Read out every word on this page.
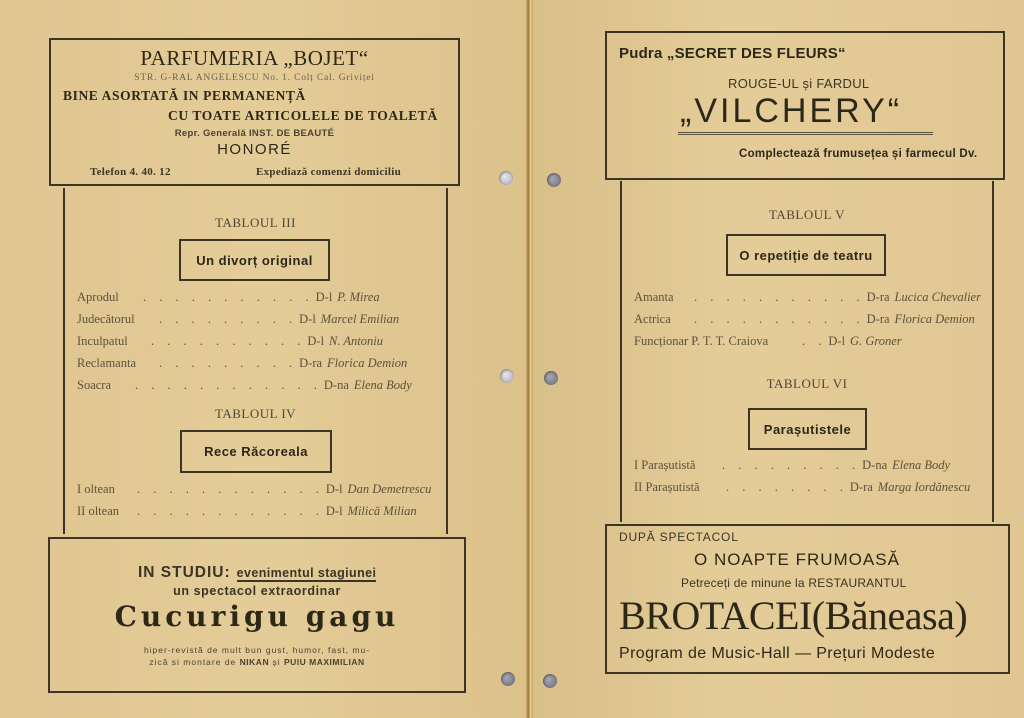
PARFUMERIA „BOJET“
STR. G-RAL ANGELESCU No. 1. Colț Cal. Griviței
BINE ASORTATĂ IN PERMANENȚĂ
CU TOATE ARTICOLELE DE TOALETĂ
Repr. Generală INST. DE BEAUTÉ
HONORÉ
Telefon 4. 40. 12	Expediază comenzi domiciliu
TABLOUL III
Un divorț original
Aprodul	. . . . . . . . . . . D-l P. Mirea
Judecătorul	. . . . . . . . . D-l Marcel Emilian
Inculpatul	. . . . . . . . . . D-l N. Antoniu
Reclamanta	. . . . . . . . . D-ra Florica Demion
Soacra	. . . . . . . . . . . . D-na Elena Body
TABLOUL IV
Rece Răcoreala
I oltean	. . . . . . . . . . . . D-l Dan Demetrescu
II oltean	. . . . . . . . . . . . D-l Milică Milian
IN STUDIU: evenimentul stagiunei
un spectacol extraordinar
Cucurigu gagu
hiper-revistă de mult bun gust, humor, fast, mu-
zică si montare de NIKAN și PUIU MAXIMILIAN
Pudra „SECRET DES FLEURS“
ROUGE-UL și FARDUL
„VILCHERY“
Complectează frumusețea și farmecul Dv.
TABLOUL V
O repetiție de teatru
Amanta	. . . . . . . . . . . D-ra Lucica Chevalier
Actrica	. . . . . . . . . . . D-ra Florica Demion
Funcționar P. T. T. Craiova	. . D-l G. Groner
TABLOUL VI
Parașutistele
I Parașutistă	. . . . . . . . . D-na Elena Body
II Parașutistă	. . . . . . . . D-ra Marga Iordănescu
DUPĂ SPECTACOL
O NOAPTE FRUMOASĂ
Petreceți de minune la RESTAURANTUL
BROTACEI(Băneasa)
Program de Music-Hall — Prețuri Modeste
